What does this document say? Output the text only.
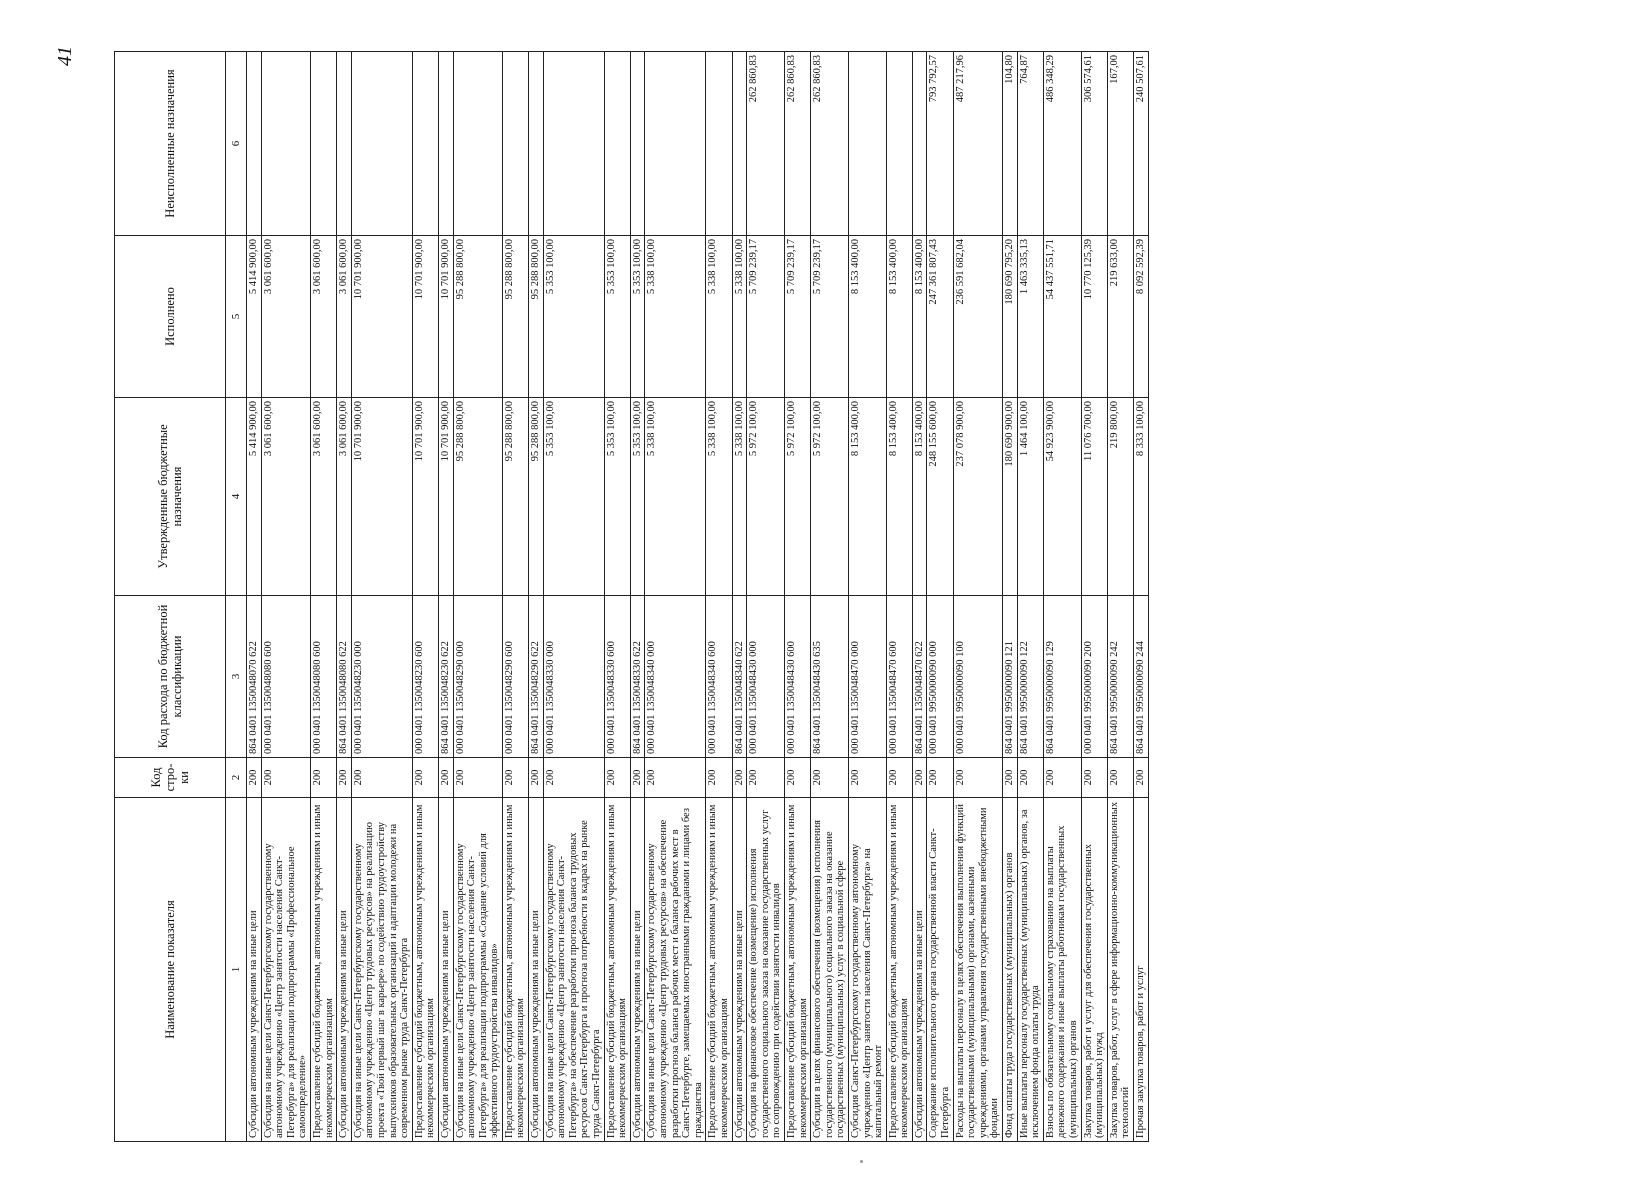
41
Наименование показателя	Код стро-ки	Код расхода по бюджетной классификации	Утвержденные бюджетные назначения	Исполнено	Неисполненные назначения
1	2	3	4	5	6
Субсидии автономным учреждениям на иные цели	200	864 0401 1350048070 622	5 414 900,00	5 414 900,00	
Субсидия на иные цели Санкт-Петербургскому государственному автономному учреждению «Центр занятости населения Санкт-Петербурга» для реализации подпрограммы «Профессиональное самоопределение»	200	000 0401 1350048080 600	3 061 600,00	3 061 600,00	
Предоставление субсидий бюджетным, автономным учреждениям и иным некоммерческим организациям	200	000 0401 1350048080 600	3 061 600,00	3 061 600,00	
Субсидии автономным учреждениям на иные цели	200	864 0401 1350048080 622	3 061 600,00	3 061 600,00	
Субсидия на иные цели Санкт-Петербургскому государственному автономному учреждению «Центр трудовых ресурсов» на реализацию проекта «Твой первый шаг в карьере» по содействию трудоустройству выпускников образовательных организаций и адаптации молодежи на современном рынке труда Санкт-Петербурга	200	000 0401 1350048230 000	10 701 900,00	10 701 900,00	
Предоставление субсидий бюджетным, автономным учреждениям и иным некоммерческим организациям	200	000 0401 1350048230 600	10 701 900,00	10 701 900,00	
Субсидии автономным учреждениям на иные цели	200	864 0401 1350048230 622	10 701 900,00	10 701 900,00	
Субсидия на иные цели Санкт-Петербургскому государственному автономному учреждению «Центр занятости населения Санкт-Петербурга» для реализации подпрограммы «Создание условий для эффективного трудоустройства инвалидов»	200	000 0401 1350048290 000	95 288 800,00	95 288 800,00	
Предоставление субсидий бюджетным, автономным учреждениям и иным некоммерческим организациям	200	000 0401 1350048290 600	95 288 800,00	95 288 800,00	
Субсидии автономным учреждениям на иные цели	200	864 0401 1350048290 622	95 288 800,00	95 288 800,00	
Субсидия на иные цели Санкт-Петербургскому государственному автономному учреждению «Центр занятости населения Санкт-Петербурга» на обеспечение разработки прогноза баланса трудовых ресурсов Санкт-Петербурга и прогноза потребности в кадрах на рынке труда Санкт-Петербурга	200	000 0401 1350048330 000	5 353 100,00	5 353 100,00	
Предоставление субсидий бюджетным, автономным учреждениям и иным некоммерческим организациям	200	000 0401 1350048330 600	5 353 100,00	5 353 100,00	
Субсидии автономным учреждениям на иные цели	200	864 0401 1350048330 622	5 353 100,00	5 353 100,00	
Субсидия на иные цели Санкт-Петербургскому государственному автономному учреждению «Центр трудовых ресурсов» на обеспечение разработки прогноза баланса рабочих мест и баланса рабочих мест в Санкт-Петербурге, замещаемых иностранными гражданами и лицами без гражданства	200	000 0401 1350048340 000	5 338 100,00	5 338 100,00	
Предоставление субсидий бюджетным, автономным учреждениям и иным некоммерческим организациям	200	000 0401 1350048340 600	5 338 100,00	5 338 100,00	
Субсидии автономным учреждениям на иные цели	200	864 0401 1350048340 622	5 338 100,00	5 338 100,00	
Субсидия на финансовое обеспечение (возмещение) исполнения государственного социального заказа на оказание государственных услуг по сопровождению при содействии занятости инвалидов	200	000 0401 1350048430 000	5 972 100,00	5 709 239,17	262 860,83
Предоставление субсидий бюджетным, автономным учреждениям и иным некоммерческим организациям	200	000 0401 1350048430 600	5 972 100,00	5 709 239,17	262 860,83
Субсидии в целях финансового обеспечения (возмещения) исполнения государственного (муниципального) социального заказа на оказание государственных (муниципальных) услуг в социальной сфере	200	864 0401 1350048430 635	5 972 100,00	5 709 239,17	262 860,83
Субсидия Санкт-Петербургскому государственному автономному учреждению «Центр занятости населения Санкт-Петербурга» на капитальный ремонт	200	000 0401 1350048470 000	8 153 400,00	8 153 400,00	
Предоставление субсидий бюджетным, автономным учреждениям и иным некоммерческим организациям	200	000 0401 1350048470 600	8 153 400,00	8 153 400,00	
Субсидии автономным учреждениям на иные цели	200	864 0401 1350048470 622	8 153 400,00	8 153 400,00	
Содержание исполнительного органа государственной власти Санкт-Петербурга	200	000 0401 9950000090 000	248 155 600,00	247 361 807,43	793 792,57
Расходы на выплаты персоналу в целях обеспечения выполнения функций государственными (муниципальными) органами, казенными учреждениями, органами управления государственными внебюджетными фондами	200	000 0401 9950000090 100	237 078 900,00	236 591 682,04	487 217,96
Фонд оплаты труда государственных (муниципальных) органов	200	864 0401 9950000090 121	180 690 900,00	180 690 795,20	104,80
Иные выплаты персоналу государственных (муниципальных) органов, за исключением фонда оплаты труда	200	864 0401 9950000090 122	1 464 100,00	1 463 335,13	764,87
Взносы по обязательному социальному страхованию на выплаты денежного содержания и иные выплаты работникам государственных (муниципальных) органов	200	864 0401 9950000090 129	54 923 900,00	54 437 551,71	486 348,29
Закупка товаров, работ и услуг для обеспечения государственных (муниципальных) нужд	200	000 0401 9950000090 200	11 076 700,00	10 770 125,39	306 574,61
Закупка товаров, работ, услуг в сфере информационно-коммуникационных технологий	200	864 0401 9950000090 242	219 800,00	219 633,00	167,00
Прочая закупка товаров, работ и услуг	200	864 0401 9950000090 244	8 333 100,00	8 092 592,39	240 507,61
